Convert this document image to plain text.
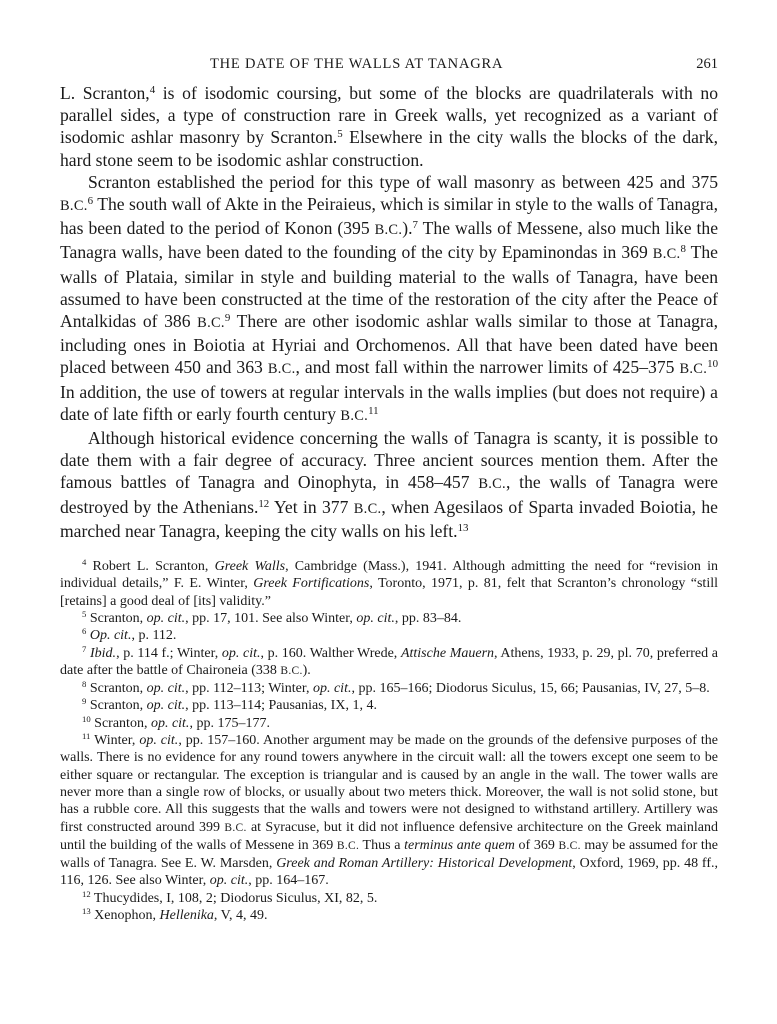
THE DATE OF THE WALLS AT TANAGRA	261

L. Scranton,$^4$ is of isodomic coursing, but some of the blocks are quadrilaterals with no parallel sides, a type of construction rare in Greek walls, yet recognized as a variant of isodomic ashlar masonry by Scranton.$^5$ Elsewhere in the city walls the blocks of the dark, hard stone seem to be isodomic ashlar construction.

Scranton established the period for this type of wall masonry as between 425 and 375 B.C.$^6$ The south wall of Akte in the Peiraieus, which is similar in style to the walls of Tanagra, has been dated to the period of Konon (395 B.C.).$^7$ The walls of Messene, also much like the Tanagra walls, have been dated to the founding of the city by Epaminondas in 369 B.C.$^8$ The walls of Plataia, similar in style and building material to the walls of Tanagra, have been assumed to have been constructed at the time of the restoration of the city after the Peace of Antalkidas of 386 B.C.$^9$ There are other isodomic ashlar walls similar to those at Tanagra, including ones in Boiotia at Hyriai and Orchomenos. All that have been dated have been placed between 450 and 363 B.C., and most fall within the narrower limits of 425–375 B.C.$^{10}$ In addition, the use of towers at regular intervals in the walls implies (but does not require) a date of late fifth or early fourth century B.C.$^{11}$

Although historical evidence concerning the walls of Tanagra is scanty, it is possible to date them with a fair degree of accuracy. Three ancient sources mention them. After the famous battles of Tanagra and Oinophyta, in 458–457 B.C., the walls of Tanagra were destroyed by the Athenians.$^{12}$ Yet in 377 B.C., when Agesilaos of Sparta invaded Boiotia, he marched near Tanagra, keeping the city walls on his left.$^{13}$

$^4$ Robert L. Scranton, Greek Walls, Cambridge (Mass.), 1941. Although admitting the need for “revision in individual details,” F. E. Winter, Greek Fortifications, Toronto, 1971, p. 81, felt that Scranton’s chronology “still [retains] a good deal of [its] validity.”

$^5$ Scranton, op. cit., pp. 17, 101. See also Winter, op. cit., pp. 83–84.

$^6$ Op. cit., p. 112.

$^7$ Ibid., p. 114 f.; Winter, op. cit., p. 160. Walther Wrede, Attische Mauern, Athens, 1933, p. 29, pl. 70, preferred a date after the battle of Chaironeia (338 B.C.).

$^8$ Scranton, op. cit., pp. 112–113; Winter, op. cit., pp. 165–166; Diodorus Siculus, 15, 66; Pausanias, IV, 27, 5–8.

$^9$ Scranton, op. cit., pp. 113–114; Pausanias, IX, 1, 4.

$^{10}$ Scranton, op. cit., pp. 175–177.

$^{11}$ Winter, op. cit., pp. 157–160. Another argument may be made on the grounds of the defensive purposes of the walls. There is no evidence for any round towers anywhere in the circuit wall: all the towers except one seem to be either square or rectangular. The exception is triangular and is caused by an angle in the wall. The tower walls are never more than a single row of blocks, or usually about two meters thick. Moreover, the wall is not solid stone, but has a rubble core. All this suggests that the walls and towers were not designed to withstand artillery. Artillery was first constructed around 399 B.C. at Syracuse, but it did not influence defensive architecture on the Greek mainland until the building of the walls of Messene in 369 B.C. Thus a terminus ante quem of 369 B.C. may be assumed for the walls of Tanagra. See E. W. Marsden, Greek and Roman Artillery: Historical Development, Oxford, 1969, pp. 48 ff., 116, 126. See also Winter, op. cit., pp. 164–167.

$^{12}$ Thucydides, I, 108, 2; Diodorus Siculus, XI, 82, 5.

$^{13}$ Xenophon, Hellenika, V, 4, 49.
